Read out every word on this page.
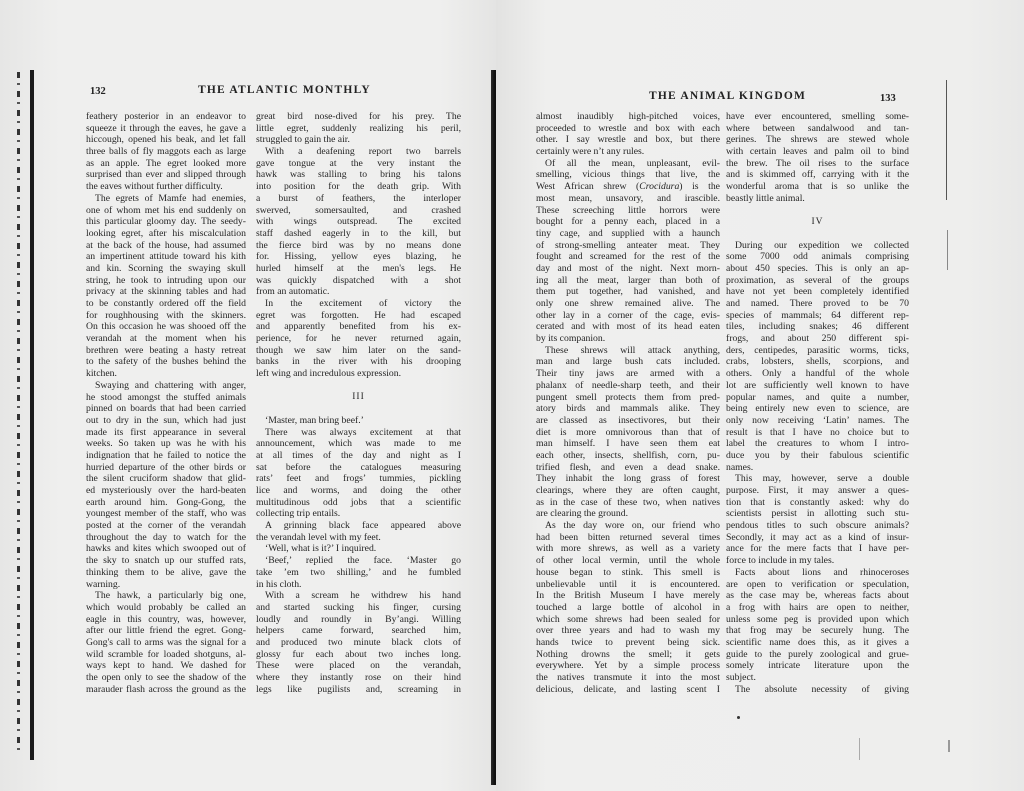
132	THE ATLANTIC MONTHLY
feathery posterior in an endeavor to
squeeze it through the eaves, he gave a
hiccough, opened his beak, and let fall
three balls of fly maggots each as large
as an apple. The egret looked more
surprised than ever and slipped through
the eaves without further difficulty.
The egrets of Mamfe had enemies,
one of whom met his end suddenly on
this particular gloomy day. The seedy-
looking egret, after his miscalculation
at the back of the house, had assumed
an impertinent attitude toward his kith
and kin. Scorning the swaying skull
string, he took to intruding upon our
privacy at the skinning tables and had
to be constantly ordered off the field
for roughhousing with the skinners.
On this occasion he was shooed off the
verandah at the moment when his
brethren were beating a hasty retreat
to the safety of the bushes behind the
kitchen.
Swaying and chattering with anger,
he stood amongst the stuffed animals
pinned on boards that had been carried
out to dry in the sun, which had just
made its first appearance in several
weeks. So taken up was he with his
indignation that he failed to notice the
hurried departure of the other birds or
the silent cruciform shadow that glid-
ed mysteriously over the hard-beaten
earth around him. Gong-Gong, the
youngest member of the staff, who was
posted at the corner of the verandah
throughout the day to watch for the
hawks and kites which swooped out of
the sky to snatch up our stuffed rats,
thinking them to be alive, gave the
warning.
The hawk, a particularly big one,
which would probably be called an
eagle in this country, was, however,
after our little friend the egret. Gong-
Gong's call to arms was the signal for a
wild scramble for loaded shotguns, al-
ways kept to hand. We dashed for
the open only to see the shadow of the
marauder flash across the ground as the
great bird nose-dived for his prey. The
little egret, suddenly realizing his peril,
struggled to gain the air.
With a deafening report two barrels
gave tongue at the very instant the
hawk was stalling to bring his talons
into position for the death grip. With
a burst of feathers, the interloper
swerved, somersaulted, and crashed
with wings outspread. The excited
staff dashed eagerly in to the kill, but
the fierce bird was by no means done
for. Hissing, yellow eyes blazing, he
hurled himself at the men's legs. He
was quickly dispatched with a shot
from an automatic.
In the excitement of victory the
egret was forgotten. He had escaped
and apparently benefited from his ex-
perience, for he never returned again,
though we saw him later on the sand-
banks in the river with his drooping
left wing and incredulous expression.
III
‘Master, man bring beef.’
There was always excitement at that
announcement, which was made to me
at all times of the day and night as I
sat before the catalogues measuring
rats’ feet and frogs’ tummies, pickling
lice and worms, and doing the other
multitudinous odd jobs that a scientific
collecting trip entails.
A grinning black face appeared above
the verandah level with my feet.
‘Well, what is it?’ I inquired.
‘Beef,’ replied the face. ‘Master go
take ’em two shilling,’ and he fumbled
in his cloth.
With a scream he withdrew his hand
and started sucking his finger, cursing
loudly and roundly in By’angi. Willing
helpers came forward, searched him,
and produced two minute black clots of
glossy fur each about two inches long.
These were placed on the verandah,
where they instantly rose on their hind
legs like pugilists and, screaming in
THE ANIMAL KINGDOM	133
almost inaudibly high-pitched voices,
proceeded to wrestle and box with each
other. I say wrestle and box, but there
certainly were n’t any rules.
Of all the mean, unpleasant, evil-
smelling, vicious things that live, the
West African shrew (Crocidura) is the
most mean, unsavory, and irascible.
These screeching little horrors were
bought for a penny each, placed in a
tiny cage, and supplied with a haunch
of strong-smelling anteater meat. They
fought and screamed for the rest of the
day and most of the night. Next morn-
ing all the meat, larger than both of
them put together, had vanished, and
only one shrew remained alive. The
other lay in a corner of the cage, evis-
cerated and with most of its head eaten
by its companion.
These shrews will attack anything,
man and large bush cats included.
Their tiny jaws are armed with a
phalanx of needle-sharp teeth, and their
pungent smell protects them from pred-
atory birds and mammals alike. They
are classed as insectivores, but their
diet is more omnivorous than that of
man himself. I have seen them eat
each other, insects, shellfish, corn, pu-
trified flesh, and even a dead snake.
They inhabit the long grass of forest
clearings, where they are often caught,
as in the case of these two, when natives
are clearing the ground.
As the day wore on, our friend who
had been bitten returned several times
with more shrews, as well as a variety
of other local vermin, until the whole
house began to stink. This smell is
unbelievable until it is encountered.
In the British Museum I have merely
touched a large bottle of alcohol in
which some shrews had been sealed for
over three years and had to wash my
hands twice to prevent being sick.
Nothing drowns the smell; it gets
everywhere. Yet by a simple process
the natives transmute it into the most
delicious, delicate, and lasting scent I
have ever encountered, smelling some-
where between sandalwood and tan-
gerines. The shrews are stewed whole
with certain leaves and palm oil to bind
the brew. The oil rises to the surface
and is skimmed off, carrying with it the
wonderful aroma that is so unlike the
beastly little animal.
IV
During our expedition we collected
some 7000 odd animals comprising
about 450 species. This is only an ap-
proximation, as several of the groups
have not yet been completely identified
and named. There proved to be 70
species of mammals; 64 different rep-
tiles, including snakes; 46 different
frogs, and about 250 different spi-
ders, centipedes, parasitic worms, ticks,
crabs, lobsters, shells, scorpions, and
others. Only a handful of the whole
lot are sufficiently well known to have
popular names, and quite a number,
being entirely new even to science, are
only now receiving ‘Latin’ names. The
result is that I have no choice but to
label the creatures to whom I intro-
duce you by their fabulous scientific
names.
This may, however, serve a double
purpose. First, it may answer a ques-
tion that is constantly asked: why do
scientists persist in allotting such stu-
pendous titles to such obscure animals?
Secondly, it may act as a kind of insur-
ance for the mere facts that I have per-
force to include in my tales.
Facts about lions and rhinoceroses
are open to verification or speculation,
as the case may be, whereas facts about
a frog with hairs are open to neither,
unless some peg is provided upon which
that frog may be securely hung. The
scientific name does this, as it gives a
guide to the purely zoological and grue-
somely intricate literature upon the
subject.
The absolute necessity of giving
